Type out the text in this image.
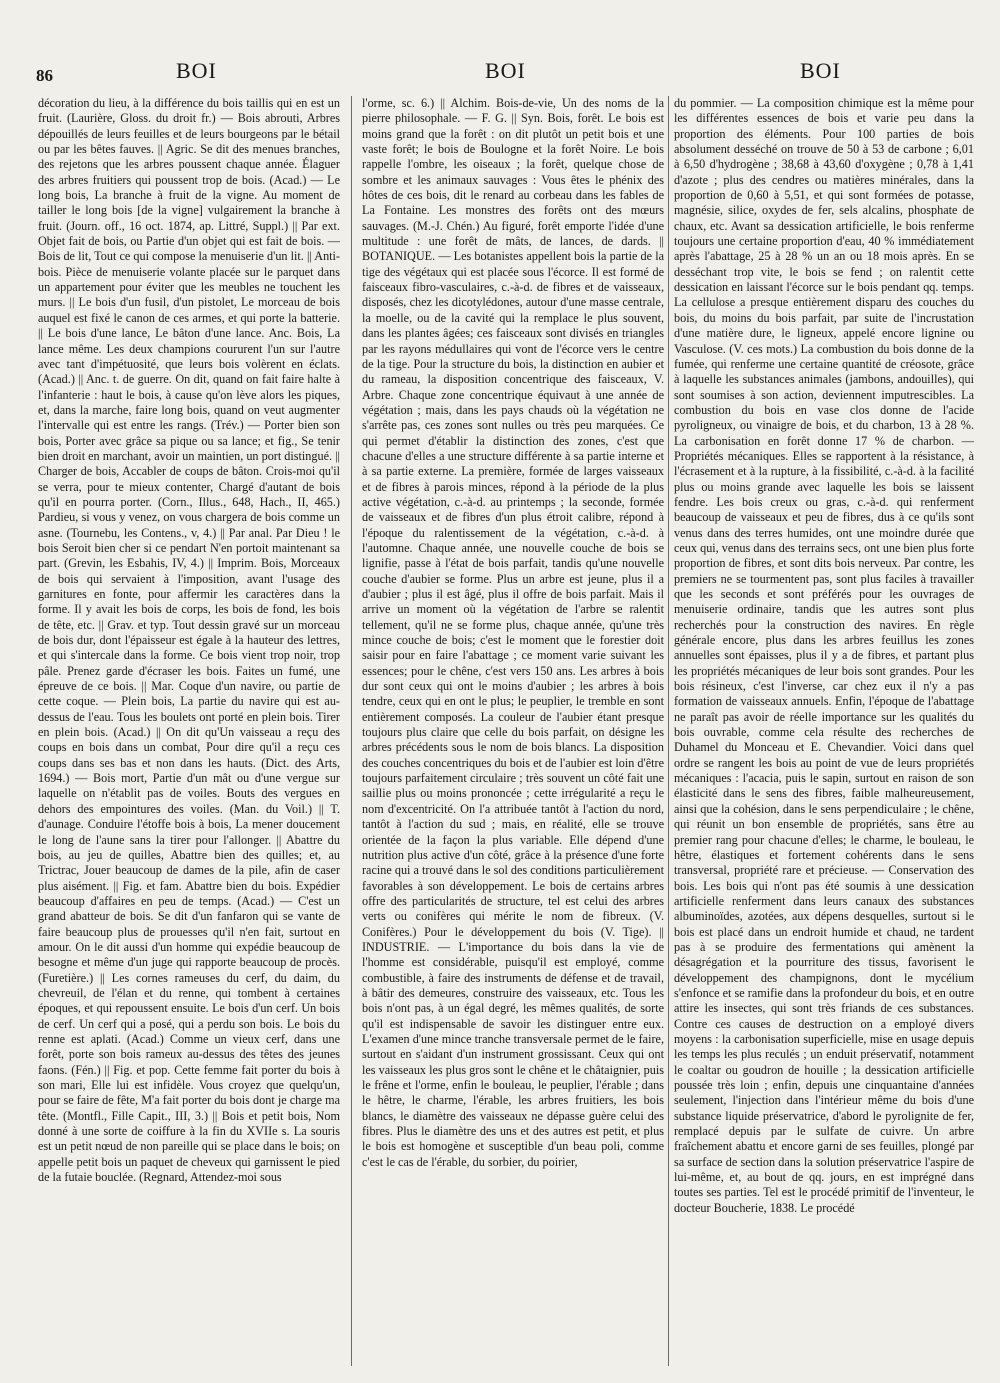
86	BOI	BOI	BOI

décoration du lieu, à la différence du bois taillis qui en est un fruit. (Laurière, Gloss. du droit fr.) — Bois abrouti, Arbres dépouillés de leurs feuilles et de leurs bourgeons par le bétail ou par les bêtes fauves. || Agric. Se dit des menues branches, des rejetons que les arbres poussent chaque année. Élaguer des arbres fruitiers qui poussent trop de bois. (Acad.) — Le long bois, La branche à fruit de la vigne. Au moment de tailler le long bois [de la vigne] vulgairement la branche à fruit. (Journ. off., 16 oct. 1874, ap. Littré, Suppl.) || Par ext. Objet fait de bois, ou Partie d'un objet qui est fait de bois. — Bois de lit, Tout ce qui compose la menuiserie d'un lit. || Anti-bois. Pièce de menuiserie volante placée sur le parquet dans un appartement pour éviter que les meubles ne touchent les murs. || Le bois d'un fusil, d'un pistolet, Le morceau de bois auquel est fixé le canon de ces armes, et qui porte la batterie. || Le bois d'une lance, Le bâton d'une lance. Anc. Bois, La lance même. Les deux champions coururent l'un sur l'autre avec tant d'impétuosité, que leurs bois volèrent en éclats. (Acad.) || Anc. t. de guerre. On dit, quand on fait faire halte à l'infanterie : haut le bois, à cause qu'on lève alors les piques, et, dans la marche, faire long bois, quand on veut augmenter l'intervalle qui est entre les rangs. (Trév.) — Porter bien son bois, Porter avec grâce sa pique ou sa lance; et fig., Se tenir bien droit en marchant, avoir un maintien, un port distingué. || Charger de bois, Accabler de coups de bâton. Crois-moi qu'il se verra, pour te mieux contenter, Chargé d'autant de bois qu'il en pourra porter. (Corn., Illus., 648, Hach., II, 465.) Pardieu, si vous y venez, on vous chargera de bois comme un asne. (Tournebu, les Contens., v, 4.) || Par anal. Par Dieu ! le bois Seroit bien cher si ce pendart N'en portoit maintenant sa part. (Grevin, les Esbahis, IV, 4.) || Imprim. Bois, Morceaux de bois qui servaient à l'imposition, avant l'usage des garnitures en fonte, pour affermir les caractères dans la forme. Il y avait les bois de corps, les bois de fond, les bois de tête, etc. || Grav. et typ. Tout dessin gravé sur un morceau de bois dur, dont l'épaisseur est égale à la hauteur des lettres, et qui s'intercale dans la forme. Ce bois vient trop noir, trop pâle. Prenez garde d'écraser les bois. Faites un fumé, une épreuve de ce bois. || Mar. Coque d'un navire, ou partie de cette coque. — Plein bois, La partie du navire qui est au-dessus de l'eau. Tous les boulets ont porté en plein bois. Tirer en plein bois. (Acad.) || On dit qu'Un vaisseau a reçu des coups en bois dans un combat, Pour dire qu'il a reçu ces coups dans ses bas et non dans les hauts. (Dict. des Arts, 1694.) — Bois mort, Partie d'un mât ou d'une vergue sur laquelle on n'établit pas de voiles. Bouts des vergues en dehors des empointures des voiles. (Man. du Voil.) || T. d'aunage. Conduire l'étoffe bois à bois, La mener doucement le long de l'aune sans la tirer pour l'allonger. || Abattre du bois, au jeu de quilles, Abattre bien des quilles; et, au Trictrac, Jouer beaucoup de dames de la pile, afin de caser plus aisément. || Fig. et fam. Abattre bien du bois. Expédier beaucoup d'affaires en peu de temps. (Acad.) — C'est un grand abatteur de bois. Se dit d'un fanfaron qui se vante de faire beaucoup plus de prouesses qu'il n'en fait, surtout en amour. On le dit aussi d'un homme qui expédie beaucoup de besogne et même d'un juge qui rapporte beaucoup de procès. (Furetière.) || Les cornes rameuses du cerf, du daim, du chevreuil, de l'élan et du renne, qui tombent à certaines époques, et qui repoussent ensuite. Le bois d'un cerf. Un bois de cerf. Un cerf qui a posé, qui a perdu son bois. Le bois du renne est aplati. (Acad.) Comme un vieux cerf, dans une forêt, porte son bois rameux au-dessus des têtes des jeunes faons. (Fén.) || Fig. et pop. Cette femme fait porter du bois à son mari, Elle lui est infidèle. Vous croyez que quelqu'un, pour se faire de fête, M'a fait porter du bois dont je charge ma tête. (Montfl., Fille Capit., III, 3.) || Bois et petit bois, Nom donné à une sorte de coiffure à la fin du XVIIe s. La souris est un petit nœud de non pareille qui se place dans le bois; on appelle petit bois un paquet de cheveux qui garnissent le pied de la futaie bouclée. (Regnard, Attendez-moi sous

l'orme, sc. 6.) || Alchim. Bois-de-vie, Un des noms de la pierre philosophale. — F. G. || Syn. Bois, forêt. Le bois est moins grand que la forêt : on dit plutôt un petit bois et une vaste forêt; le bois de Boulogne et la forêt Noire. Le bois rappelle l'ombre, les oiseaux ; la forêt, quelque chose de sombre et les animaux sauvages : Vous êtes le phénix des hôtes de ces bois, dit le renard au corbeau dans les fables de La Fontaine. Les monstres des forêts ont des mœurs sauvages. (M.-J. Chén.) Au figuré, forêt emporte l'idée d'une multitude : une forêt de mâts, de lances, de dards. || BOTANIQUE. — Les botanistes appellent bois la partie de la tige des végétaux qui est placée sous l'écorce. Il est formé de faisceaux fibro-vasculaires, c.-à-d. de fibres et de vaisseaux, disposés, chez les dicotylédones, autour d'une masse centrale, la moelle, ou de la cavité qui la remplace le plus souvent, dans les plantes âgées; ces faisceaux sont divisés en triangles par les rayons médullaires qui vont de l'écorce vers le centre de la tige. Pour la structure du bois, la distinction en aubier et du rameau, la disposition concentrique des faisceaux, V. Arbre. Chaque zone concentrique équivaut à une année de végétation ; mais, dans les pays chauds où la végétation ne s'arrête pas, ces zones sont nulles ou très peu marquées. Ce qui permet d'établir la distinction des zones, c'est que chacune d'elles a une structure différente à sa partie interne et à sa partie externe. La première, formée de larges vaisseaux et de fibres à parois minces, répond à la période de la plus active végétation, c.-à-d. au printemps ; la seconde, formée de vaisseaux et de fibres d'un plus étroit calibre, répond à l'époque du ralentissement de la végétation, c.-à-d. à l'automne. Chaque année, une nouvelle couche de bois se lignifie, passe à l'état de bois parfait, tandis qu'une nouvelle couche d'aubier se forme. Plus un arbre est jeune, plus il a d'aubier ; plus il est âgé, plus il offre de bois parfait. Mais il arrive un moment où la végétation de l'arbre se ralentit tellement, qu'il ne se forme plus, chaque année, qu'une très mince couche de bois; c'est le moment que le forestier doit saisir pour en faire l'abattage ; ce moment varie suivant les essences; pour le chêne, c'est vers 150 ans. Les arbres à bois dur sont ceux qui ont le moins d'aubier ; les arbres à bois tendre, ceux qui en ont le plus; le peuplier, le tremble en sont entièrement composés. La couleur de l'aubier étant presque toujours plus claire que celle du bois parfait, on désigne les arbres précédents sous le nom de bois blancs. La disposition des couches concentriques du bois et de l'aubier est loin d'être toujours parfaitement circulaire ; très souvent un côté fait une saillie plus ou moins prononcée ; cette irrégularité a reçu le nom d'excentricité. On l'a attribuée tantôt à l'action du nord, tantôt à l'action du sud ; mais, en réalité, elle se trouve orientée de la façon la plus variable. Elle dépend d'une nutrition plus active d'un côté, grâce à la présence d'une forte racine qui a trouvé dans le sol des conditions particulièrement favorables à son développement. Le bois de certains arbres offre des particularités de structure, tel est celui des arbres verts ou conifères qui mérite le nom de fibreux. (V. Conifères.) Pour le développement du bois (V. Tige). || INDUSTRIE. — L'importance du bois dans la vie de l'homme est considérable, puisqu'il est employé, comme combustible, à faire des instruments de défense et de travail, à bâtir des demeures, construire des vaisseaux, etc. Tous les bois n'ont pas, à un égal degré, les mêmes qualités, de sorte qu'il est indispensable de savoir les distinguer entre eux. L'examen d'une mince tranche transversale permet de le faire, surtout en s'aidant d'un instrument grossissant. Ceux qui ont les vaisseaux les plus gros sont le chêne et le châtaignier, puis le frêne et l'orme, enfin le bouleau, le peuplier, l'érable ; dans le hêtre, le charme, l'érable, les arbres fruitiers, les bois blancs, le diamètre des vaisseaux ne dépasse guère celui des fibres. Plus le diamètre des uns et des autres est petit, et plus le bois est homogène et susceptible d'un beau poli, comme c'est le cas de l'érable, du sorbier, du poirier,

du pommier. — La composition chimique est la même pour les différentes essences de bois et varie peu dans la proportion des éléments. Pour 100 parties de bois absolument desséché on trouve de 50 à 53 de carbone ; 6,01 à 6,50 d'hydrogène ; 38,68 à 43,60 d'oxygène ; 0,78 à 1,41 d'azote ; plus des cendres ou matières minérales, dans la proportion de 0,60 à 5,51, et qui sont formées de potasse, magnésie, silice, oxydes de fer, sels alcalins, phosphate de chaux, etc. Avant sa dessication artificielle, le bois renferme toujours une certaine proportion d'eau, 40 % immédiatement après l'abattage, 25 à 28 % un an ou 18 mois après. En se desséchant trop vite, le bois se fend ; on ralentit cette dessication en laissant l'écorce sur le bois pendant qq. temps. La cellulose a presque entièrement disparu des couches du bois, du moins du bois parfait, par suite de l'incrustation d'une matière dure, le ligneux, appelé encore lignine ou Vasculose. (V. ces mots.) La combustion du bois donne de la fumée, qui renferme une certaine quantité de créosote, grâce à laquelle les substances animales (jambons, andouilles), qui sont soumises à son action, deviennent imputrescibles. La combustion du bois en vase clos donne de l'acide pyroligneux, ou vinaigre de bois, et du charbon, 13 à 28 %. La carbonisation en forêt donne 17 % de charbon. — Propriétés mécaniques. Elles se rapportent à la résistance, à l'écrasement et à la rupture, à la fissibilité, c.-à-d. à la facilité plus ou moins grande avec laquelle les bois se laissent fendre. Les bois creux ou gras, c.-à-d. qui renferment beaucoup de vaisseaux et peu de fibres, dus à ce qu'ils sont venus dans des terres humides, ont une moindre durée que ceux qui, venus dans des terrains secs, ont une bien plus forte proportion de fibres, et sont dits bois nerveux. Par contre, les premiers ne se tourmentent pas, sont plus faciles à travailler que les seconds et sont préférés pour les ouvrages de menuiserie ordinaire, tandis que les autres sont plus recherchés pour la construction des navires. En règle générale encore, plus dans les arbres feuillus les zones annuelles sont épaisses, plus il y a de fibres, et partant plus les propriétés mécaniques de leur bois sont grandes. Pour les bois résineux, c'est l'inverse, car chez eux il n'y a pas formation de vaisseaux annuels. Enfin, l'époque de l'abattage ne paraît pas avoir de réelle importance sur les qualités du bois ouvrable, comme cela résulte des recherches de Duhamel du Monceau et E. Chevandier. Voici dans quel ordre se rangent les bois au point de vue de leurs propriétés mécaniques : l'acacia, puis le sapin, surtout en raison de son élasticité dans le sens des fibres, faible malheureusement, ainsi que la cohésion, dans le sens perpendiculaire ; le chêne, qui réunit un bon ensemble de propriétés, sans être au premier rang pour chacune d'elles; le charme, le bouleau, le hêtre, élastiques et fortement cohérents dans le sens transversal, propriété rare et précieuse. — Conservation des bois. Les bois qui n'ont pas été soumis à une dessication artificielle renferment dans leurs canaux des substances albuminoïdes, azotées, aux dépens desquelles, surtout si le bois est placé dans un endroit humide et chaud, ne tardent pas à se produire des fermentations qui amènent la désagrégation et la pourriture des tissus, favorisent le développement des champignons, dont le mycélium s'enfonce et se ramifie dans la profondeur du bois, et en outre attire les insectes, qui sont très friands de ces substances. Contre ces causes de destruction on a employé divers moyens : la carbonisation superficielle, mise en usage depuis les temps les plus reculés ; un enduit préservatif, notamment le coaltar ou goudron de houille ; la dessication artificielle poussée très loin ; enfin, depuis une cinquantaine d'années seulement, l'injection dans l'intérieur même du bois d'une substance liquide préservatrice, d'abord le pyrolignite de fer, remplacé depuis par le sulfate de cuivre. Un arbre fraîchement abattu et encore garni de ses feuilles, plongé par sa surface de section dans la solution préservatrice l'aspire de lui-même, et, au bout de qq. jours, en est imprégné dans toutes ses parties. Tel est le procédé primitif de l'inventeur, le docteur Boucherie, 1838. Le procédé
